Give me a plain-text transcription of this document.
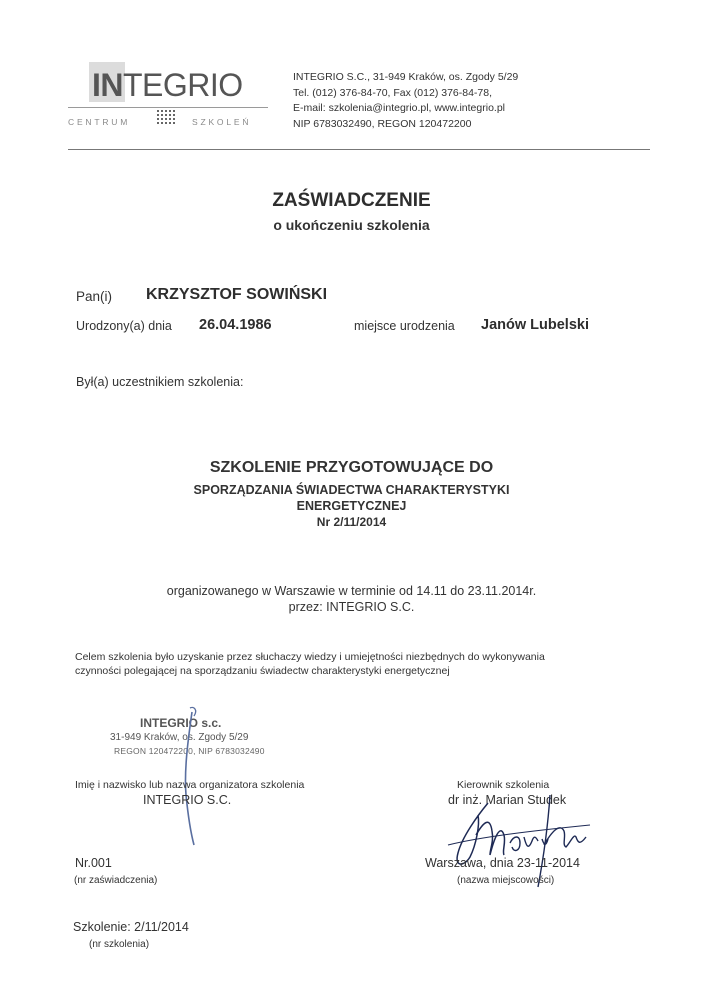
INTEGRIO
CENTRUM	SZKOLEŃ
INTEGRIO S.C., 31-949 Kraków, os. Zgody 5/29
Tel. (012) 376-84-70, Fax (012) 376-84-78,
E-mail: szkolenia@integrio.pl, www.integrio.pl
NIP 6783032490, REGON 120472200
ZAŚWIADCZENIE
o ukończeniu szkolenia
Pan(i) KRZYSZTOF SOWIŃSKI
Urodzony(a) dnia 26.04.1986	miejsce urodzenia Janów Lubelski
Był(a) uczestnikiem szkolenia:
SZKOLENIE PRZYGOTOWUJĄCE DO
SPORZĄDZANIA ŚWIADECTWA CHARAKTERYSTYKI
ENERGETYCZNEJ
Nr 2/11/2014
organizowanego w Warszawie w terminie od 14.11 do 23.11.2014r.
przez: INTEGRIO S.C.
Celem szkolenia było uzyskanie przez słuchaczy wiedzy i umiejętności niezbędnych do wykonywania
czynności polegającej na sporządzaniu świadectw charakterystyki energetycznej
INTEGRIO s.c.
31-949 Kraków, os. Zgody 5/29
REGON 120472200, NIP 6783032490
Imię i nazwisko lub nazwa organizatora szkolenia
INTEGRIO S.C.
Kierownik szkolenia
dr inż. Marian Studek
Nr.001
(nr zaświadczenia)
Warszawa, dnia 23-11-2014
(nazwa miejscowości)
Szkolenie: 2/11/2014
(nr szkolenia)
